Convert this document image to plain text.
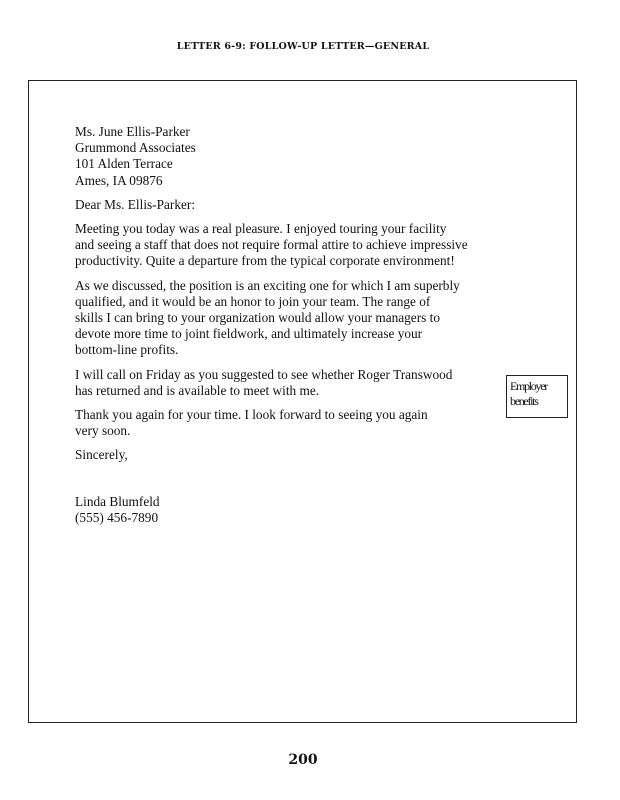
LETTER 6-9: FOLLOW-UP LETTER—GENERAL
Ms. June Ellis-Parker
Grummond Associates
101 Alden Terrace
Ames, IA 09876
Dear Ms. Ellis-Parker:
Meeting you today was a real pleasure. I enjoyed touring your facility
and seeing a staff that does not require formal attire to achieve impressive
productivity. Quite a departure from the typical corporate environment!
As we discussed, the position is an exciting one for which I am superbly
qualified, and it would be an honor to join your team. The range of
skills I can bring to your organization would allow your managers to
devote more time to joint fieldwork, and ultimately increase your
bottom-line profits.
I will call on Friday as you suggested to see whether Roger Transwood
has returned and is available to meet with me.
Thank you again for your time. I look forward to seeing you again
very soon.
Sincerely,
Linda Blumfeld
(555) 456-7890
Employer
benefits
200
